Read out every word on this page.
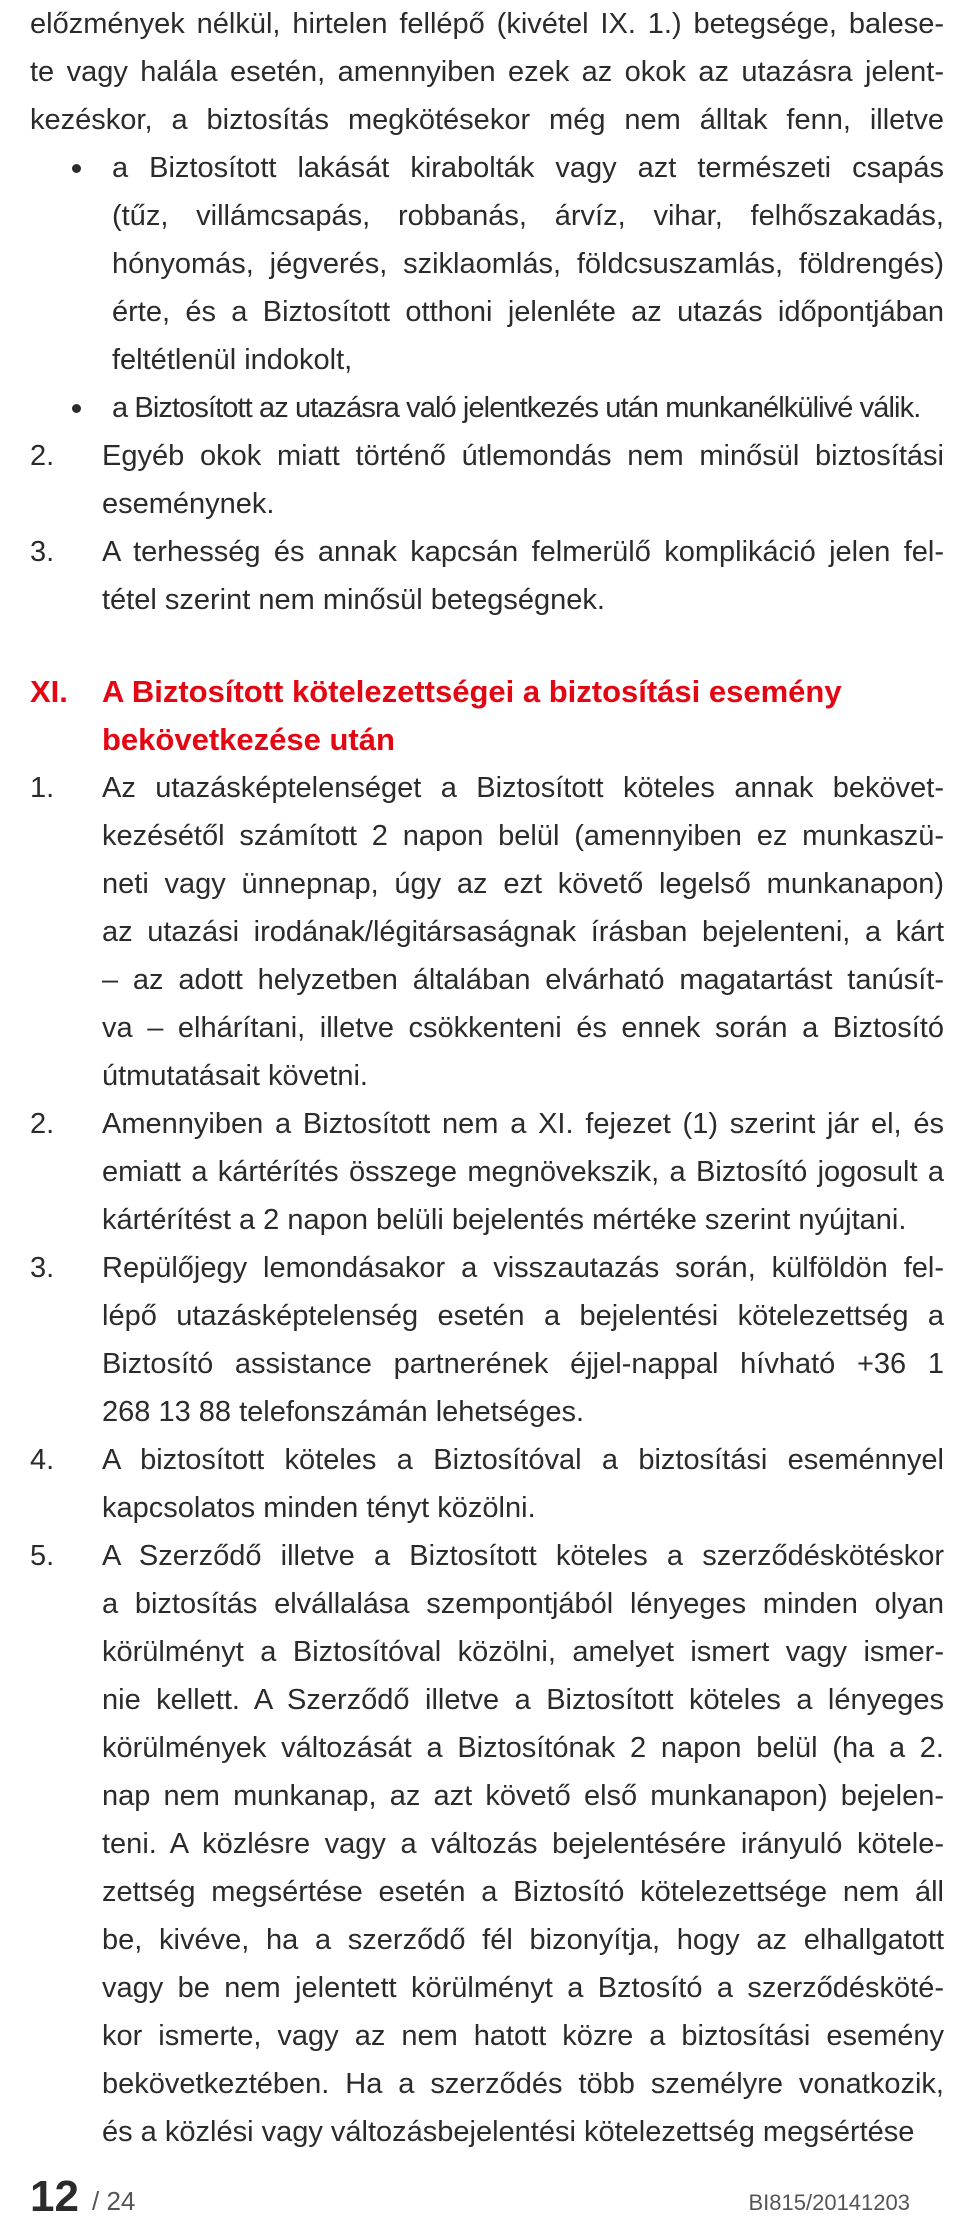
előzmények nélkül, hirtelen fellépő (kivétel IX. 1.) betegsége, balese-
te vagy halála esetén, amennyiben ezek az okok az utazásra jelent-
kezéskor, a biztosítás megkötésekor még nem álltak fenn, illetve
a Biztosított lakását kirabolták vagy azt természeti csapás
(tűz, villámcsapás, robbanás, árvíz, vihar, felhőszakadás,
hónyomás, jégverés, sziklaomlás, földcsuszamlás, földrengés)
érte, és a Biztosított otthoni jelenléte az utazás időpontjában
feltétlenül indokolt,
a Biztosított az utazásra való jelentkezés után munkanélkülivé válik.
2. Egyéb okok miatt történő útlemondás nem minősül biztosítási
eseménynek.
3. A terhesség és annak kapcsán felmerülő komplikáció jelen fel-
tétel szerint nem minősül betegségnek.
XI. A Biztosított kötelezettségei a biztosítási esemény
bekövetkezése után
1. Az utazásképtelenséget a Biztosított köteles annak bekövet-
kezésétől számított 2 napon belül (amennyiben ez munkaszü-
neti vagy ünnepnap, úgy az ezt követő legelső munkanapon)
az utazási irodának/légitársaságnak írásban bejelenteni, a kárt
– az adott helyzetben általában elvárható magatartást tanúsít-
va – elhárítani, illetve csökkenteni és ennek során a Biztosító
útmutatásait követni.
2. Amennyiben a Biztosított nem a XI. fejezet (1) szerint jár el, és
emiatt a kártérítés összege megnövekszik, a Biztosító jogosult a
kártérítést a 2 napon belüli bejelentés mértéke szerint nyújtani.
3. Repülőjegy lemondásakor a visszautazás során, külföldön fel-
lépő utazásképtelenség esetén a bejelentési kötelezettség a
Biztosító assistance partnerének éjjel-nappal hívható +36 1
268 13 88 telefonszámán lehetséges.
4. A biztosított köteles a Biztosítóval a biztosítási eseménnyel
kapcsolatos minden tényt közölni.
5. A Szerződő illetve a Biztosított köteles a szerződéskötéskor
a biztosítás elvállalása szempontjából lényeges minden olyan
körülményt a Biztosítóval közölni, amelyet ismert vagy ismer-
nie kellett. A Szerződő illetve a Biztosított köteles a lényeges
körülmények változását a Biztosítónak 2 napon belül (ha a 2.
nap nem munkanap, az azt követő első munkanapon) bejelen-
teni. A közlésre vagy a változás bejelentésére irányuló kötele-
zettség megsértése esetén a Biztosító kötelezettsége nem áll
be, kivéve, ha a szerződő fél bizonyítja, hogy az elhallgatott
vagy be nem jelentett körülményt a Bztosító a szerződésköté-
kor ismerte, vagy az nem hatott közre a biztosítási esemény
bekövetkeztében. Ha a szerződés több személyre vonatkozik,
és a közlési vagy változásbejelentési kötelezettség megsértése
12 / 24	BI815/20141203
